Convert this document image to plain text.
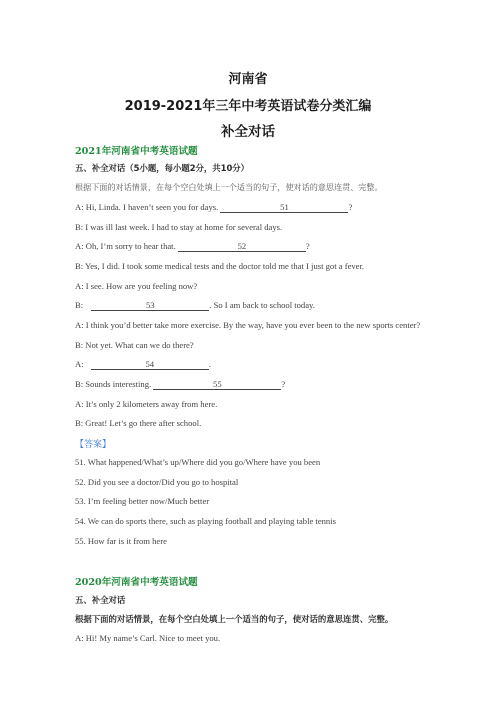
河南省
2019-2021年三年中考英语试卷分类汇编
补全对话
2021年河南省中考英语试题
五、补全对话（5小题，每小题2分，共10分）
根据下面的对话情景，在每个空白处填上一个适当的句子，使对话的意思连贯、完整。
A: Hi, Linda. I haven’t seen you for days.	51	?
B: I was ill last week. I had to stay at home for several days.
A: Oh, I’m sorry to hear that.	52	?
B: Yes, I did. I took some medical tests and the doctor told me that I just got a fever.
A: I see. How are you feeling now?
B:	53	. So I am back to school today.
A: I think you’d better take more exercise. By the way, have you ever been to the new sports center?
B: Not yet. What can we do there?
A:	54	.
B: Sounds interesting.	55	?
A: It’s only 2 kilometers away from here.
B: Great! Let’s go there after school.
【答案】
51. What happened/What’s up/Where did you go/Where have you been
52. Did you see a doctor/Did you go to hospital
53. I’m feeling better now/Much better
54. We can do sports there, such as playing football and playing table tennis
55. How far is it from here
2020年河南省中考英语试题
五、补全对话
根据下面的对话情景，在每个空白处填上一个适当的句子，使对话的意思连贯、完整。
A: Hi! My name’s Carl. Nice to meet you.
